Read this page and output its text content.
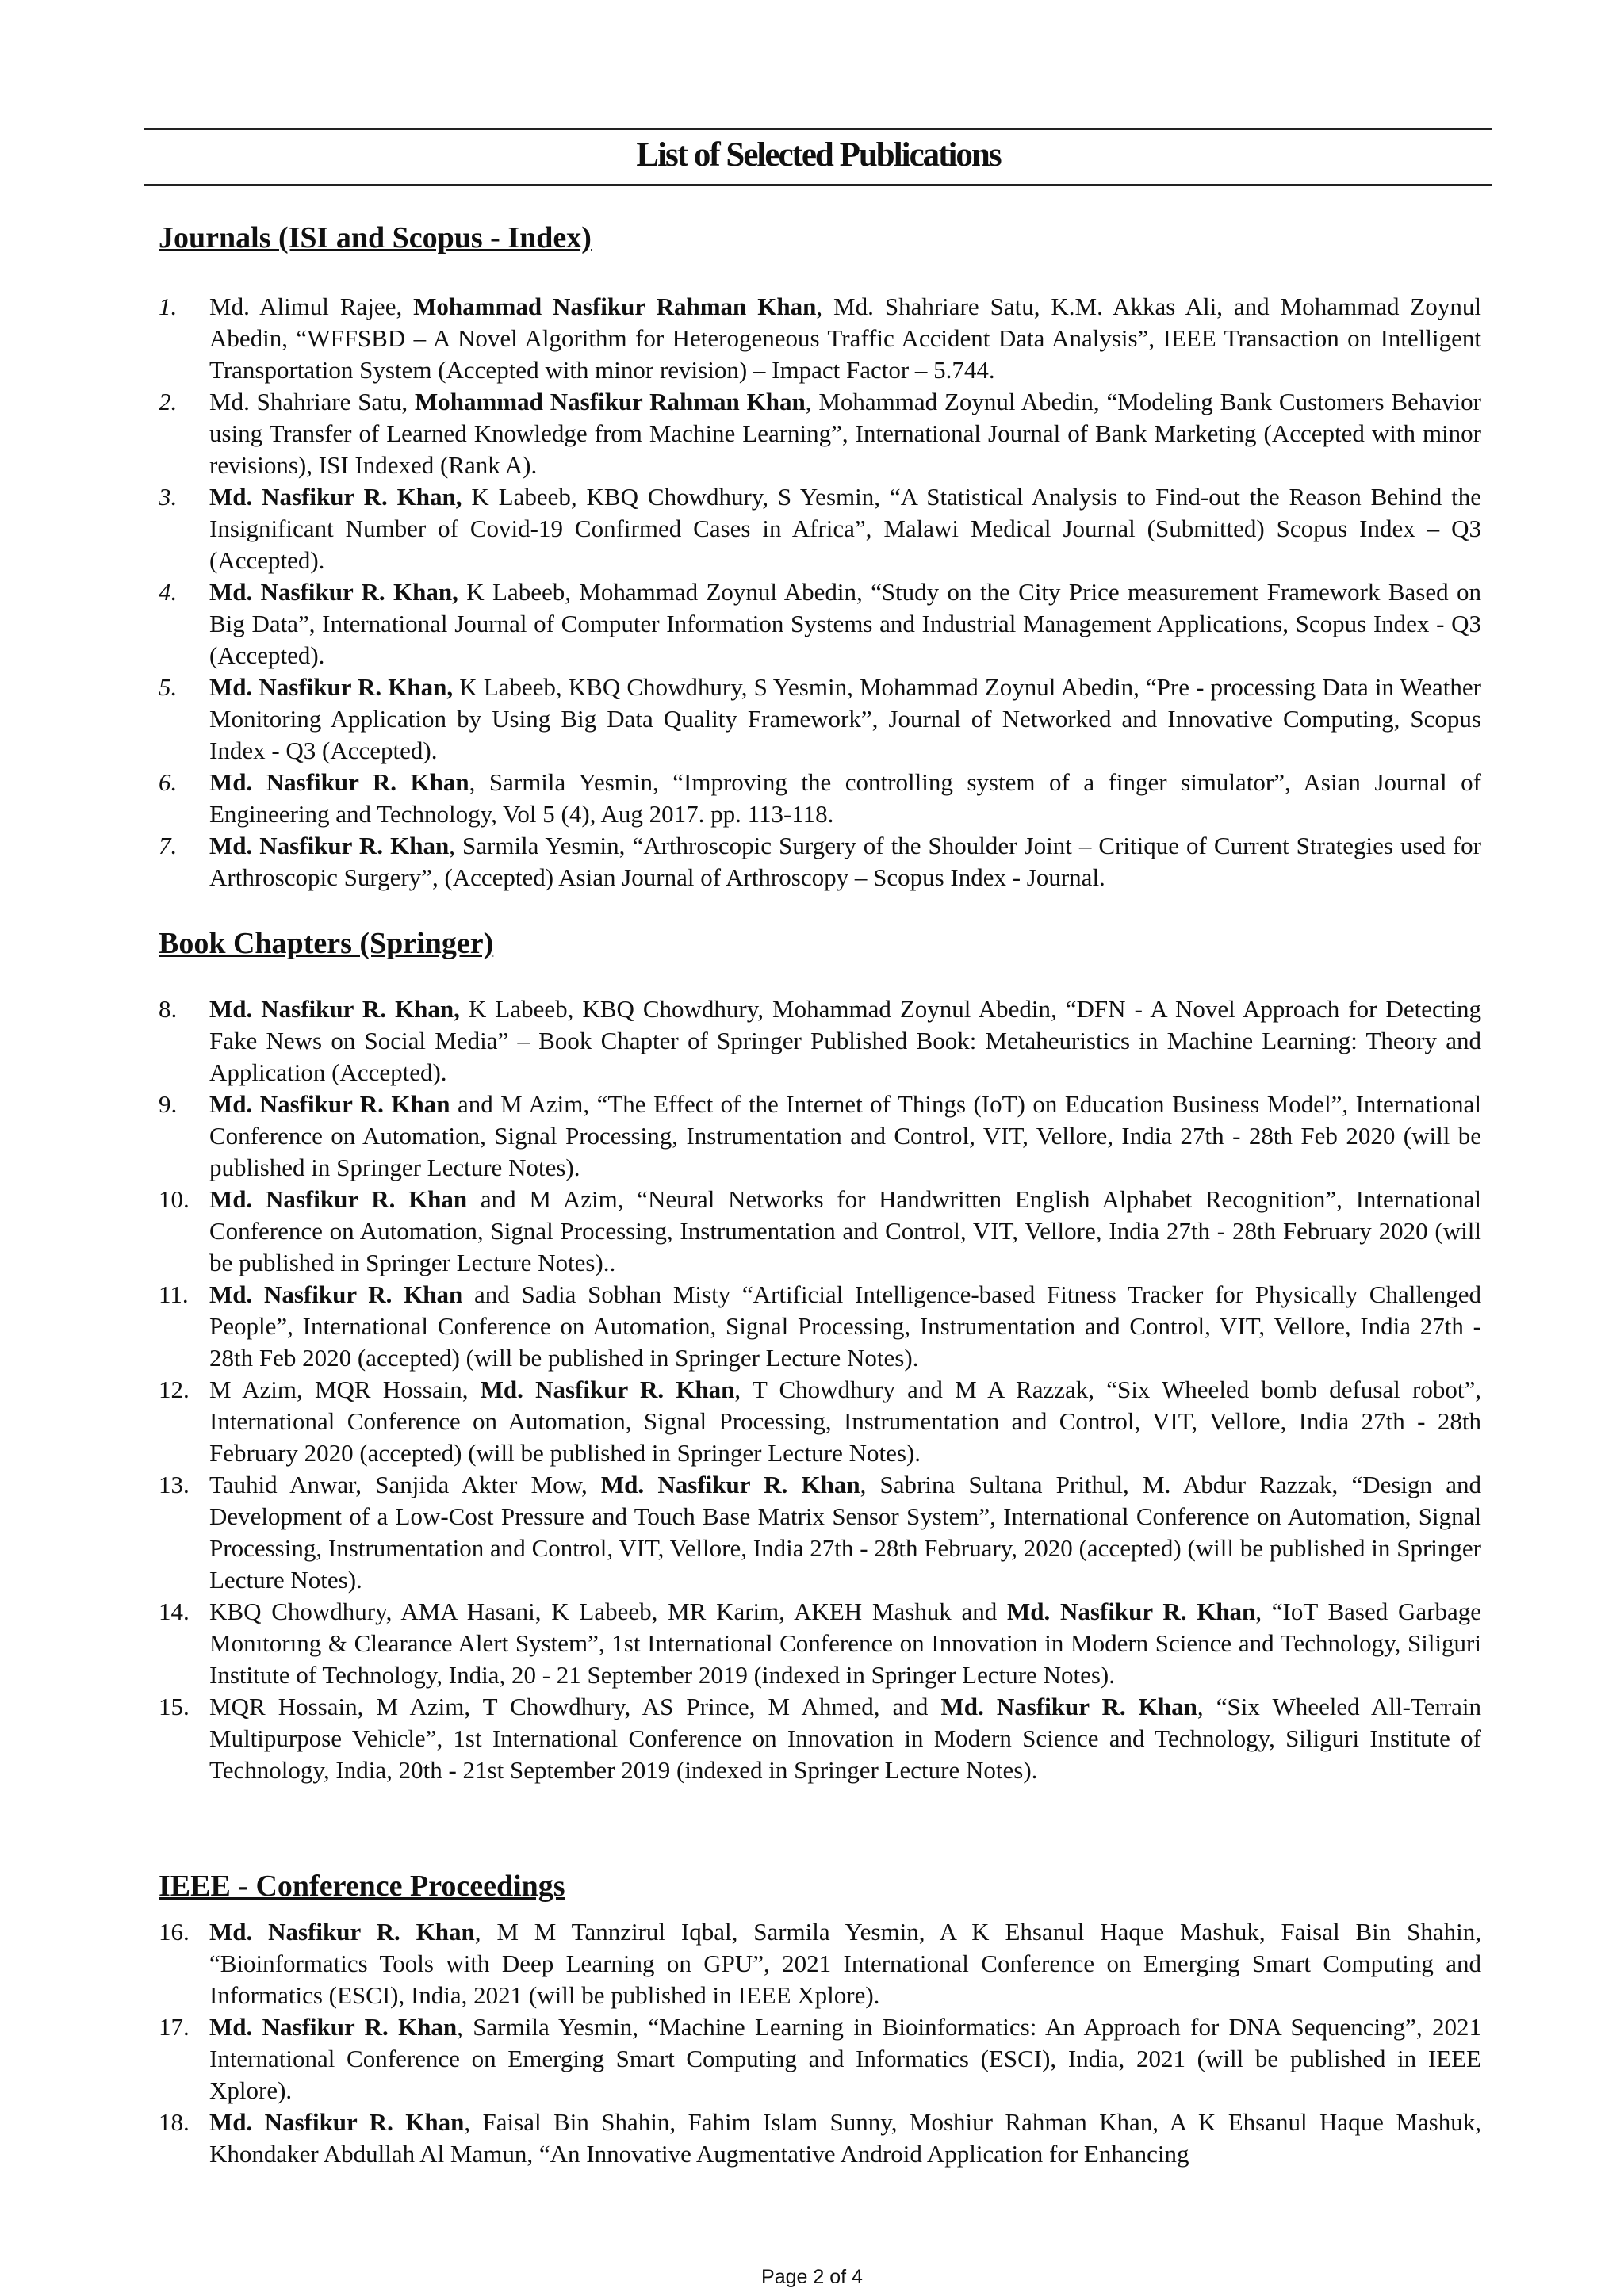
List of Selected Publications
Journals (ISI and Scopus - Index)
1. Md. Alimul Rajee, Mohammad Nasfikur Rahman Khan, Md. Shahriare Satu, K.M. Akkas Ali, and Mohammad Zoynul Abedin, “WFFSBD – A Novel Algorithm for Heterogeneous Traffic Accident Data Analysis”, IEEE Transaction on Intelligent Transportation System (Accepted with minor revision) – Impact Factor – 5.744.
2. Md. Shahriare Satu, Mohammad Nasfikur Rahman Khan, Mohammad Zoynul Abedin, “Modeling Bank Customers Behavior using Transfer of Learned Knowledge from Machine Learning”, International Journal of Bank Marketing (Accepted with minor revisions), ISI Indexed (Rank A).
3. Md. Nasfikur R. Khan, K Labeeb, KBQ Chowdhury, S Yesmin, “A Statistical Analysis to Find-out the Reason Behind the Insignificant Number of Covid-19 Confirmed Cases in Africa”, Malawi Medical Journal (Submitted) Scopus Index – Q3 (Accepted).
4. Md. Nasfikur R. Khan, K Labeeb, Mohammad Zoynul Abedin, “Study on the City Price measurement Framework Based on Big Data”, International Journal of Computer Information Systems and Industrial Management Applications, Scopus Index - Q3 (Accepted).
5. Md. Nasfikur R. Khan, K Labeeb, KBQ Chowdhury, S Yesmin, Mohammad Zoynul Abedin, “Pre - processing Data in Weather Monitoring Application by Using Big Data Quality Framework”, Journal of Networked and Innovative Computing, Scopus Index - Q3 (Accepted).
6. Md. Nasfikur R. Khan, Sarmila Yesmin, “Improving the controlling system of a finger simulator”, Asian Journal of Engineering and Technology, Vol 5 (4), Aug 2017. pp. 113-118.
7. Md. Nasfikur R. Khan, Sarmila Yesmin, “Arthroscopic Surgery of the Shoulder Joint – Critique of Current Strategies used for Arthroscopic Surgery”, (Accepted) Asian Journal of Arthroscopy – Scopus Index - Journal.
Book Chapters (Springer)
8. Md. Nasfikur R. Khan, K Labeeb, KBQ Chowdhury, Mohammad Zoynul Abedin, “DFN - A Novel Approach for Detecting Fake News on Social Media” – Book Chapter of Springer Published Book: Metaheuristics in Machine Learning: Theory and Application (Accepted).
9. Md. Nasfikur R. Khan and M Azim, “The Effect of the Internet of Things (IoT) on Education Business Model”, International Conference on Automation, Signal Processing, Instrumentation and Control, VIT, Vellore, India 27th - 28th Feb 2020 (will be published in Springer Lecture Notes).
10. Md. Nasfikur R. Khan and M Azim, “Neural Networks for Handwritten English Alphabet Recognition”, International Conference on Automation, Signal Processing, Instrumentation and Control, VIT, Vellore, India 27th - 28th February 2020 (will be published in Springer Lecture Notes)..
11. Md. Nasfikur R. Khan and Sadia Sobhan Misty “Artificial Intelligence-based Fitness Tracker for Physically Challenged People”, International Conference on Automation, Signal Processing, Instrumentation and Control, VIT, Vellore, India 27th - 28th Feb 2020 (accepted) (will be published in Springer Lecture Notes).
12. M Azim, MQR Hossain, Md. Nasfikur R. Khan, T Chowdhury and M A Razzak, “Six Wheeled bomb defusal robot”, International Conference on Automation, Signal Processing, Instrumentation and Control, VIT, Vellore, India 27th - 28th February 2020 (accepted) (will be published in Springer Lecture Notes).
13. Tauhid Anwar, Sanjida Akter Mow, Md. Nasfikur R. Khan, Sabrina Sultana Prithul, M. Abdur Razzak, “Design and Development of a Low-Cost Pressure and Touch Base Matrix Sensor System”, International Conference on Automation, Signal Processing, Instrumentation and Control, VIT, Vellore, India 27th - 28th February, 2020 (accepted) (will be published in Springer Lecture Notes).
14. KBQ Chowdhury, AMA Hasani, K Labeeb, MR Karim, AKEH Mashuk and Md. Nasfikur R. Khan, “IoT Based Garbage Monıtorıng & Clearance Alert System”, 1st International Conference on Innovation in Modern Science and Technology, Siliguri Institute of Technology, India, 20 - 21 September 2019 (indexed in Springer Lecture Notes).
15. MQR Hossain, M Azim, T Chowdhury, AS Prince, M Ahmed, and Md. Nasfikur R. Khan, “Six Wheeled All-Terrain Multipurpose Vehicle”, 1st International Conference on Innovation in Modern Science and Technology, Siliguri Institute of Technology, India, 20th - 21st September 2019 (indexed in Springer Lecture Notes).
IEEE - Conference Proceedings
16. Md. Nasfikur R. Khan, M M Tannzirul Iqbal, Sarmila Yesmin, A K Ehsanul Haque Mashuk, Faisal Bin Shahin, “Bioinformatics Tools with Deep Learning on GPU”, 2021 International Conference on Emerging Smart Computing and Informatics (ESCI), India, 2021 (will be published in IEEE Xplore).
17. Md. Nasfikur R. Khan, Sarmila Yesmin, “Machine Learning in Bioinformatics: An Approach for DNA Sequencing”, 2021 International Conference on Emerging Smart Computing and Informatics (ESCI), India, 2021 (will be published in IEEE Xplore).
18. Md. Nasfikur R. Khan, Faisal Bin Shahin, Fahim Islam Sunny, Moshiur Rahman Khan, A K Ehsanul Haque Mashuk, Khondaker Abdullah Al Mamun, “An Innovative Augmentative Android Application for Enhancing
Page 2 of 4
